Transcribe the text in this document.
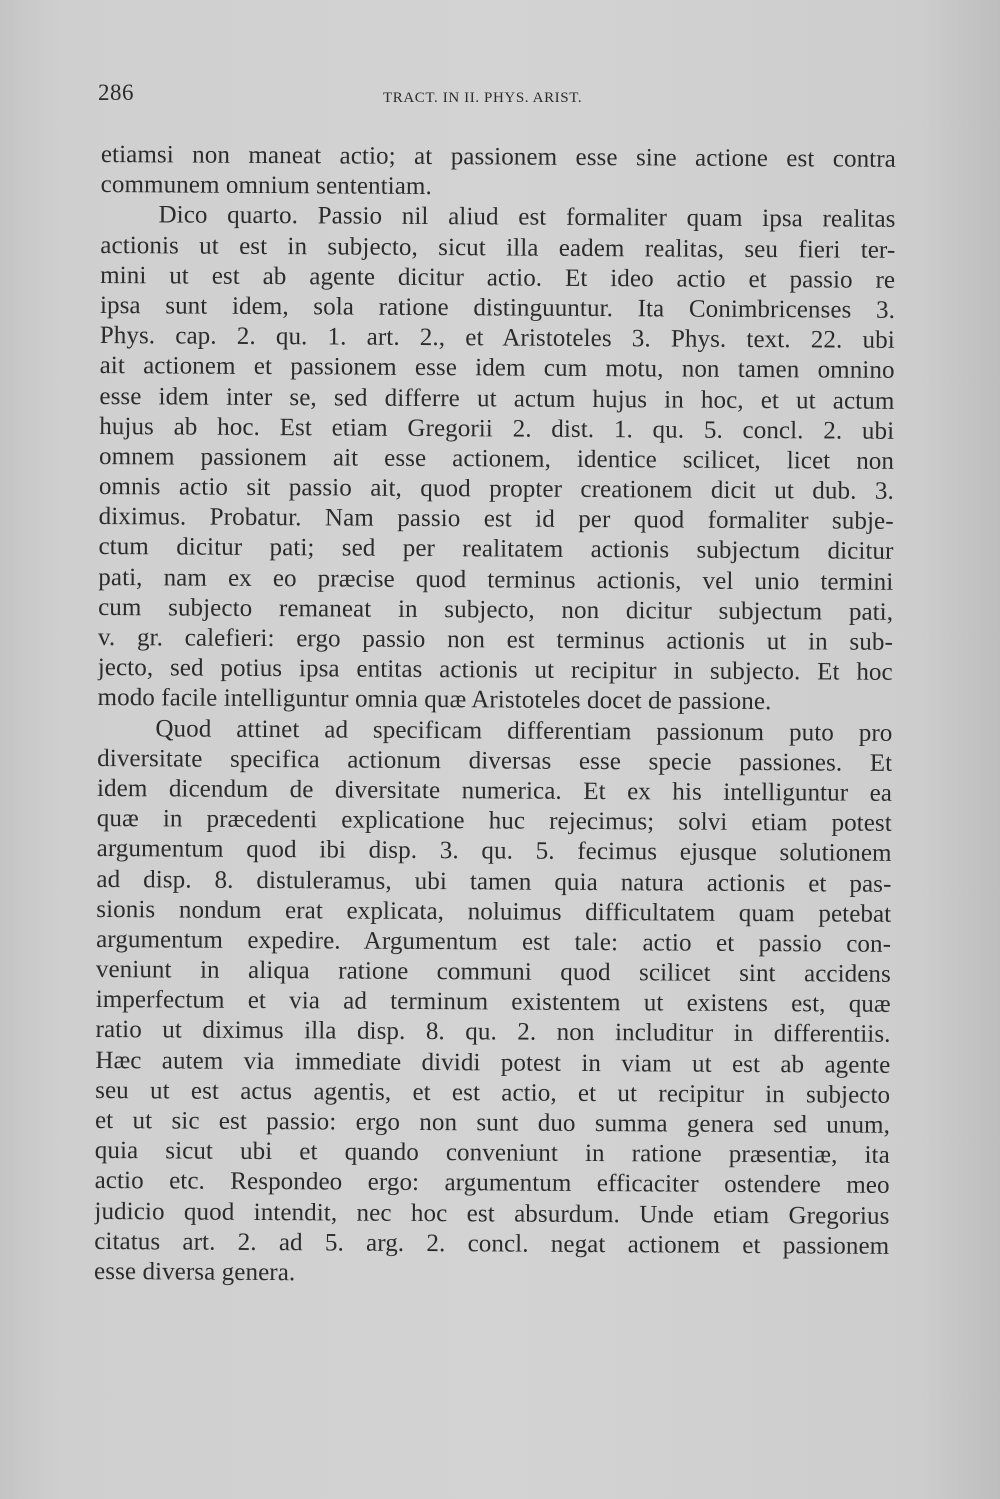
286	TRACT. IN II. PHYS. ARIST.
etiamsi non maneat actio; at passionem esse sine actione est contra
communem omnium sententiam.
Dico quarto. Passio nil aliud est formaliter quam ipsa realitas
actionis ut est in subjecto, sicut illa eadem realitas, seu fieri ter-
mini ut est ab agente dicitur actio. Et ideo actio et passio re
ipsa sunt idem, sola ratione distinguuntur. Ita Conimbricenses 3.
Phys. cap. 2. qu. 1. art. 2., et Aristoteles 3. Phys. text. 22. ubi
ait actionem et passionem esse idem cum motu, non tamen omnino
esse idem inter se, sed differre ut actum hujus in hoc, et ut actum
hujus ab hoc. Est etiam Gregorii 2. dist. 1. qu. 5. concl. 2. ubi
omnem passionem ait esse actionem, identice scilicet, licet non
omnis actio sit passio ait, quod propter creationem dicit ut dub. 3.
diximus. Probatur. Nam passio est id per quod formaliter subje-
ctum dicitur pati; sed per realitatem actionis subjectum dicitur
pati, nam ex eo præcise quod terminus actionis, vel unio termini
cum subjecto remaneat in subjecto, non dicitur subjectum pati,
v. gr. calefieri: ergo passio non est terminus actionis ut in sub-
jecto, sed potius ipsa entitas actionis ut recipitur in subjecto. Et hoc
modo facile intelliguntur omnia quæ Aristoteles docet de passione.
Quod attinet ad specificam differentiam passionum puto pro
diversitate specifica actionum diversas esse specie passiones. Et
idem dicendum de diversitate numerica. Et ex his intelliguntur ea
quæ in præcedenti explicatione huc rejecimus; solvi etiam potest
argumentum quod ibi disp. 3. qu. 5. fecimus ejusque solutionem
ad disp. 8. distuleramus, ubi tamen quia natura actionis et pas-
sionis nondum erat explicata, noluimus difficultatem quam petebat
argumentum expedire. Argumentum est tale: actio et passio con-
veniunt in aliqua ratione communi quod scilicet sint accidens
imperfectum et via ad terminum existentem ut existens est, quæ
ratio ut diximus illa disp. 8. qu. 2. non includitur in differentiis.
Hæc autem via immediate dividi potest in viam ut est ab agente
seu ut est actus agentis, et est actio, et ut recipitur in subjecto
et ut sic est passio: ergo non sunt duo summa genera sed unum,
quia sicut ubi et quando conveniunt in ratione præsentiæ, ita
actio etc. Respondeo ergo: argumentum efficaciter ostendere meo
judicio quod intendit, nec hoc est absurdum. Unde etiam Gregorius
citatus art. 2. ad 5. arg. 2. concl. negat actionem et passionem
esse diversa genera.
